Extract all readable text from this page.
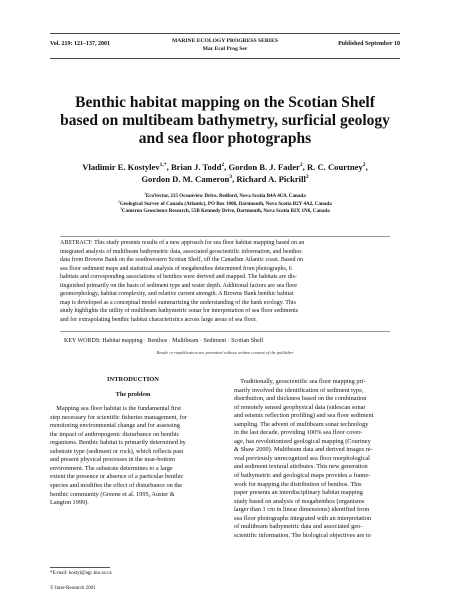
Vol. 219: 121–137, 2001	MARINE ECOLOGY PROGRESS SERIES
Mar Ecol Prog Ser
Published September 10
Benthic habitat mapping on the Scotian Shelf
based on multibeam bathymetry, surficial geology
and sea floor photographs
Vladimir E. Kostylev$^{1,*}$, Brian J. Todd$^2$, Gordon B. J. Fader$^2$, R. C. Courtney$^2$,
Gordon D. M. Cameron$^3$, Richard A. Pickrill$^2$
$^1$EcoVector, 215 Oceanview Drive, Bedford, Nova Scotia B4A 4G9, Canada
$^2$Geological Survey of Canada (Atlantic), PO Box 1006, Dartmouth, Nova Scotia B2Y 4A2, Canada
$^3$Cameron Geoscience Research, 55B Kennedy Drive, Dartmouth, Nova Scotia B2X 1N6, Canada
ABSTRACT: This study presents results of a new approach for sea floor habitat mapping based on an
integrated analysis of multibeam bathymetric data, associated geoscientific information, and benthos
data from Browns Bank on the southwestern Scotian Shelf, off the Canadian Atlantic coast. Based on
sea floor sediment maps and statistical analysis of megabenthos determined from photographs, 6
habitats and corresponding associations of benthos were derived and mapped. The habitats are dis-
tinguished primarily on the basis of sediment type and water depth. Additional factors are sea floor
geomorphology, habitat complexity, and relative current strength. A Browns Bank benthic habitat
map is developed as a conceptual model summarizing the understanding of the bank ecology. This
study highlights the utility of multibeam bathymetric sonar for interpretation of sea floor sediments
and for extrapolating benthic habitat characteristics across large areas of sea floor.
KEY WORDS: Habitat mapping · Benthos · Multibeam · Sediment · Scotian Shelf
Resale or republication not permitted without written consent of the publisher
INTRODUCTION
The problem
Mapping sea floor habitat is the fundamental first
step necessary for scientific fisheries management, for
monitoring environmental change and for assessing
the impact of anthropogenic disturbance on benthic
organisms. Benthic habitat is primarily determined by
substrate type (sediment or rock), which reflects past
and present physical processes in the near-bottom
environment. The substrate determines to a large
extent the presence or absence of a particular benthic
species and modifies the effect of disturbance on the
benthic community (Greene et al. 1995, Auster &
Langton 1999).
Traditionally, geoscientific sea floor mapping pri-
marily involved the identification of sediment type,
distribution, and thickness based on the combination
of remotely sensed geophysical data (sidescan sonar
and seismic reflection profiling) and sea floor sediment
sampling. The advent of multibeam sonar technology
in the last decade, providing 100% sea floor cover-
age, has revolutionized geological mapping (Courtney
& Shaw 2000). Multibeam data and derived images re-
veal previously unrecognized sea floor morphological
and sediment textural attributes. This new generation
of bathymetric and geological maps provides a frame-
work for mapping the distribution of benthos. This
paper presents an interdisciplinary habitat mapping
study based on analysis of megabenthos (organisms
larger than 1 cm in linear dimensions) identified from
sea floor photographs integrated with an interpretation
of multibeam bathymetric data and associated geo-
scientific information. The biological objectives are to
*E-mail: kostyl@agc.bio.ns.ca
© Inter-Research 2001
